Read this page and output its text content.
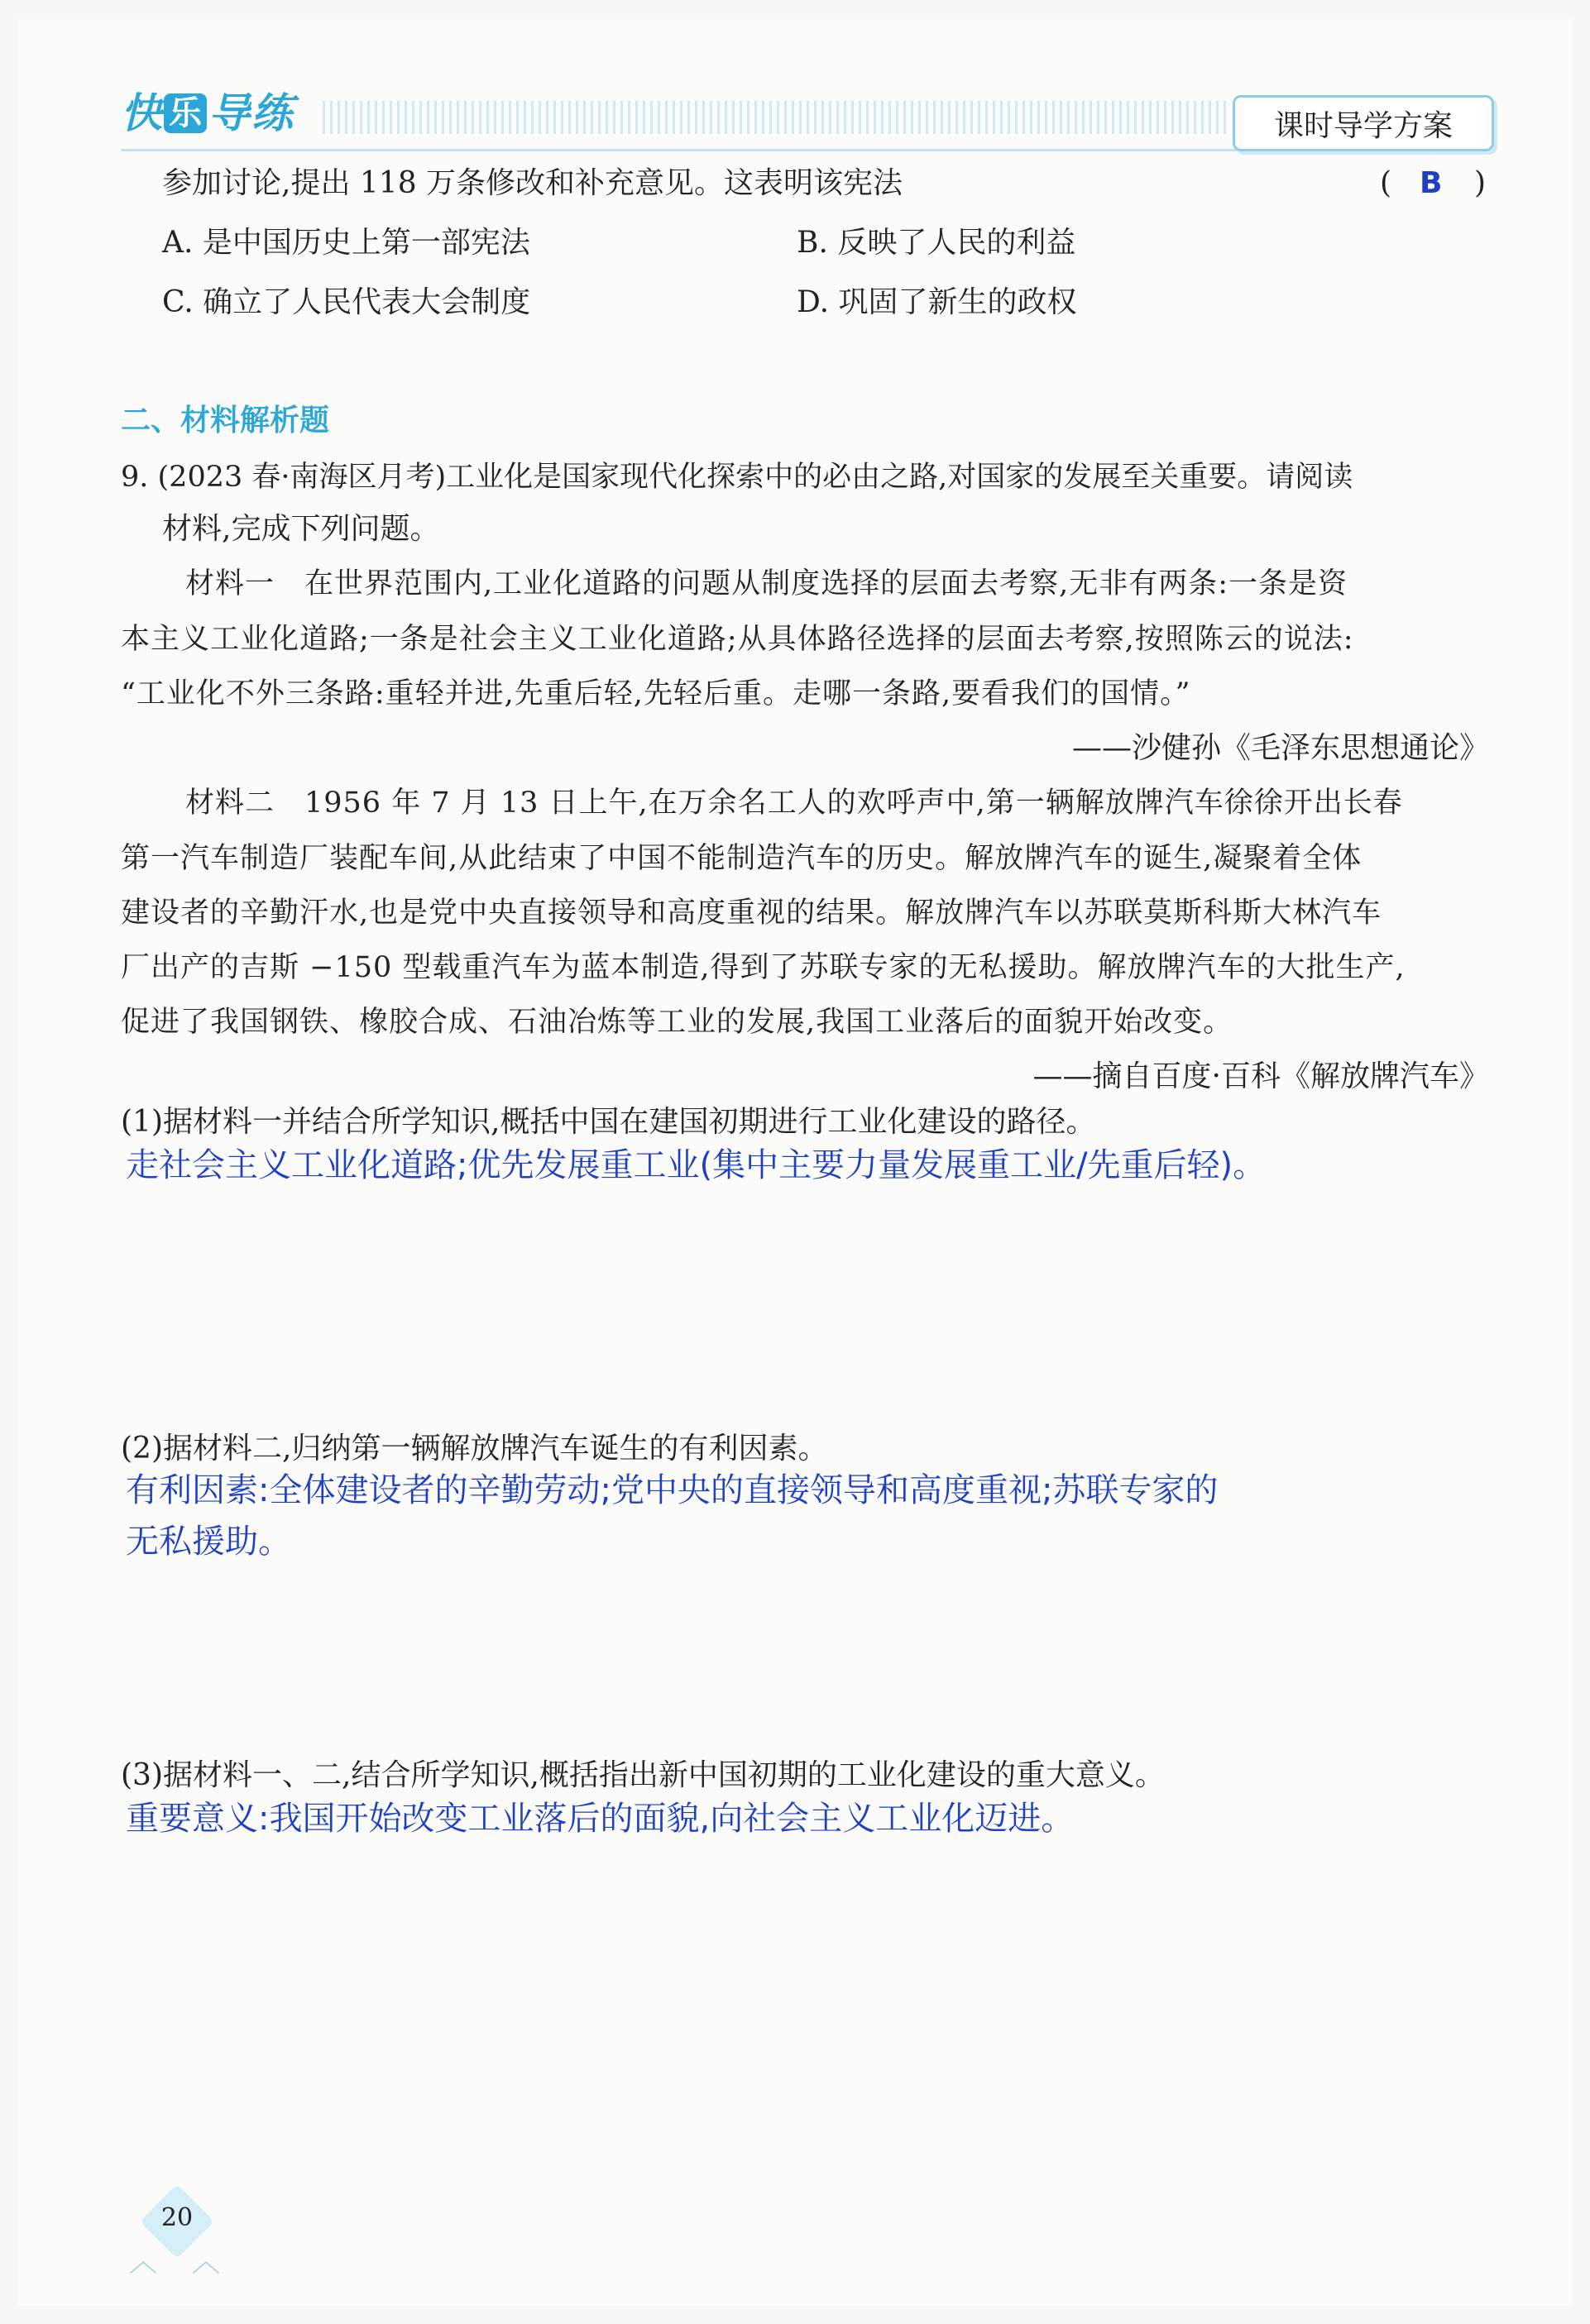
快 乐 导 练	课时导学方案
参加讨论,提出 118 万条修改和补充意见。这表明该宪法	( B )
A. 是中国历史上第一部宪法	B. 反映了人民的利益
C. 确立了人民代表大会制度	D. 巩固了新生的政权
二、材料解析题
9. (2023 春·南海区月考)工业化是国家现代化探索中的必由之路,对国家的发展至关重要。请阅读
材料,完成下列问题。
材料一　在世界范围内,工业化道路的问题从制度选择的层面去考察,无非有两条:一条是资
本主义工业化道路;一条是社会主义工业化道路;从具体路径选择的层面去考察,按照陈云的说法:
“工业化不外三条路:重轻并进,先重后轻,先轻后重。走哪一条路,要看我们的国情。”
——沙健孙《毛泽东思想通论》
材料二　1956 年 7 月 13 日上午,在万余名工人的欢呼声中,第一辆解放牌汽车徐徐开出长春
第一汽车制造厂装配车间,从此结束了中国不能制造汽车的历史。解放牌汽车的诞生,凝聚着全体
建设者的辛勤汗水,也是党中央直接领导和高度重视的结果。解放牌汽车以苏联莫斯科斯大林汽车
厂出产的吉斯 −150 型载重汽车为蓝本制造,得到了苏联专家的无私援助。解放牌汽车的大批生产,
促进了我国钢铁、橡胶合成、石油冶炼等工业的发展,我国工业落后的面貌开始改变。
——摘自百度·百科《解放牌汽车》
(1)据材料一并结合所学知识,概括中国在建国初期进行工业化建设的路径。
走社会主义工业化道路;优先发展重工业(集中主要力量发展重工业/先重后轻)。
(2)据材料二,归纳第一辆解放牌汽车诞生的有利因素。
有利因素:全体建设者的辛勤劳动;党中央的直接领导和高度重视;苏联专家的
无私援助。
(3)据材料一、二,结合所学知识,概括指出新中国初期的工业化建设的重大意义。
重要意义:我国开始改变工业落后的面貌,向社会主义工业化迈进。
20
︿ ︿
